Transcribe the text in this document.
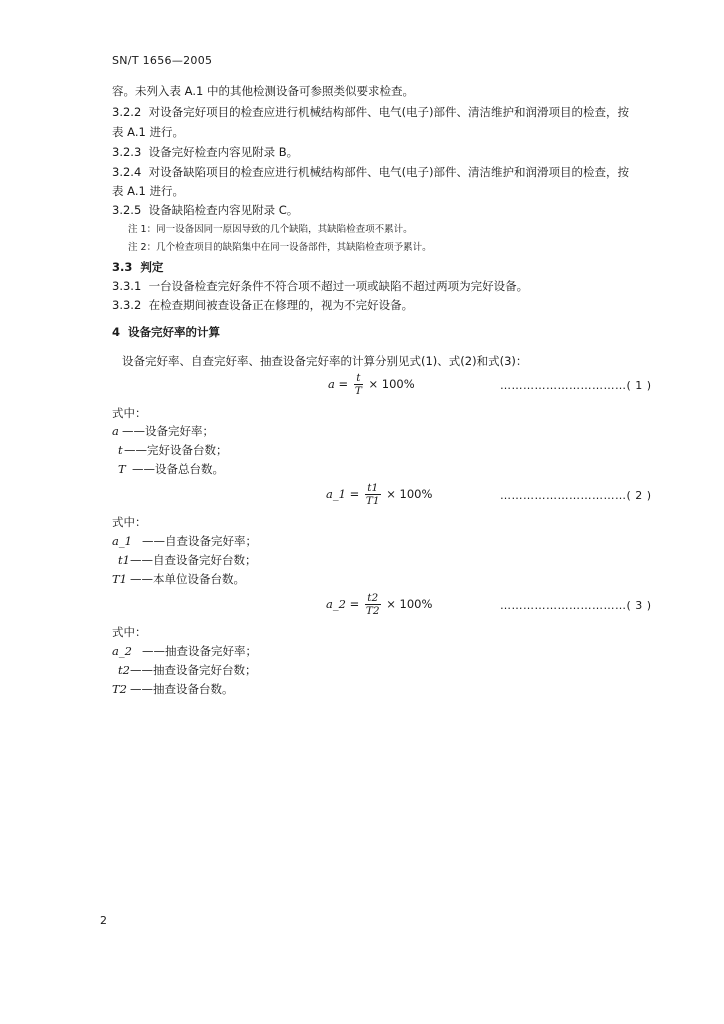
SN/T 1656—2005
容。未列入表 A.1 中的其他检测设备可参照类似要求检查。
3.2.2 对设备完好项目的检查应进行机械结构部件、电气(电子)部件、清洁维护和润滑项目的检查，按
表 A.1 进行。
3.2.3 设备完好检查内容见附录 B。
3.2.4 对设备缺陷项目的检查应进行机械结构部件、电气(电子)部件、清洁维护和润滑项目的检查，按
表 A.1 进行。
3.2.5 设备缺陷检查内容见附录 C。
注 1：同一设备因同一原因导致的几个缺陷，其缺陷检查项不累计。
注 2：几个检查项目的缺陷集中在同一设备部件，其缺陷检查项予累计。
3.3 判定
3.3.1 一台设备检查完好条件不符合项不超过一项或缺陷不超过两项为完好设备。
3.3.2 在检查期间被查设备正在修理的，视为不完好设备。
4 设备完好率的计算
设备完好率、自查完好率、抽查设备完好率的计算分别见式(1)、式(2)和式(3)：
$a = \frac{t}{T} \times 100\%$	……………………………( 1 )
式中：
a ——设备完好率；
t——完好设备台数；
T ——设备总台数。
a_1 = $\frac{t1}{T1} \times 100\%$	……………………………( 2 )
式中：
a_1 ——自查设备完好率；
t1——自查设备完好台数；
T1 ——本单位设备台数。
a_2 = $\frac{t2}{T2} \times 100\%$	……………………………( 3 )
式中：
a_2 ——抽查设备完好率；
t2——抽查设备完好台数；
T2 ——抽查设备台数。
2
